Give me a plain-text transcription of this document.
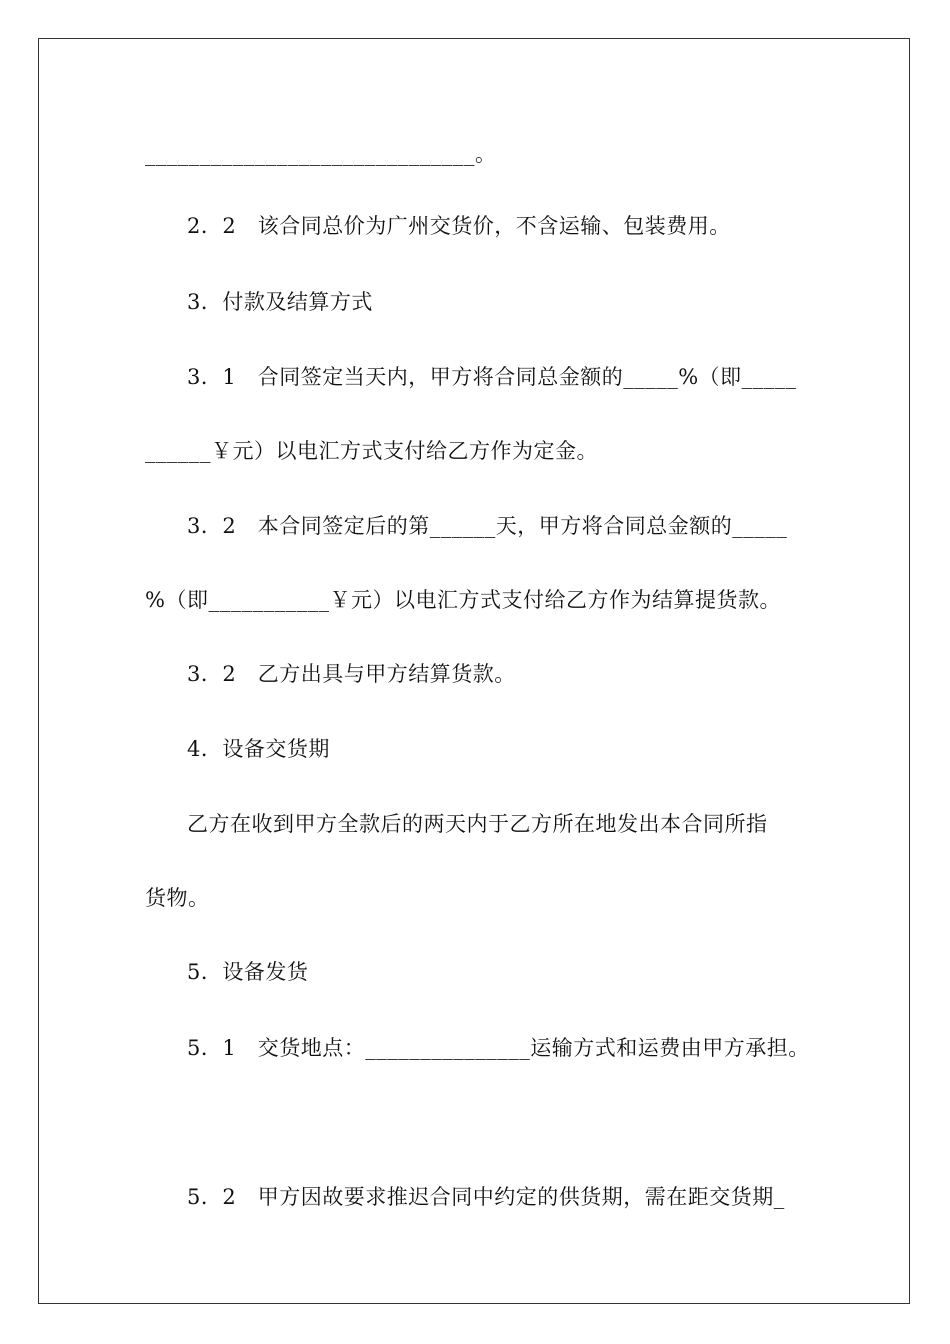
______________________________。
2．2　该合同总价为广州交货价，不含运输、包装费用。
3．付款及结算方式
3．1　合同签定当天内，甲方将合同总金额的_____%（即_____
______￥元）以电汇方式支付给乙方作为定金。
3．2　本合同签定后的第______天，甲方将合同总金额的_____
%（即___________￥元）以电汇方式支付给乙方作为结算提货款。
3．2　乙方出具与甲方结算货款。
4．设备交货期
乙方在收到甲方全款后的两天内于乙方所在地发出本合同所指
货物。
5．设备发货
5．1　交货地点：_______________运输方式和运费由甲方承担。
5．2　甲方因故要求推迟合同中约定的供货期，需在距交货期_
